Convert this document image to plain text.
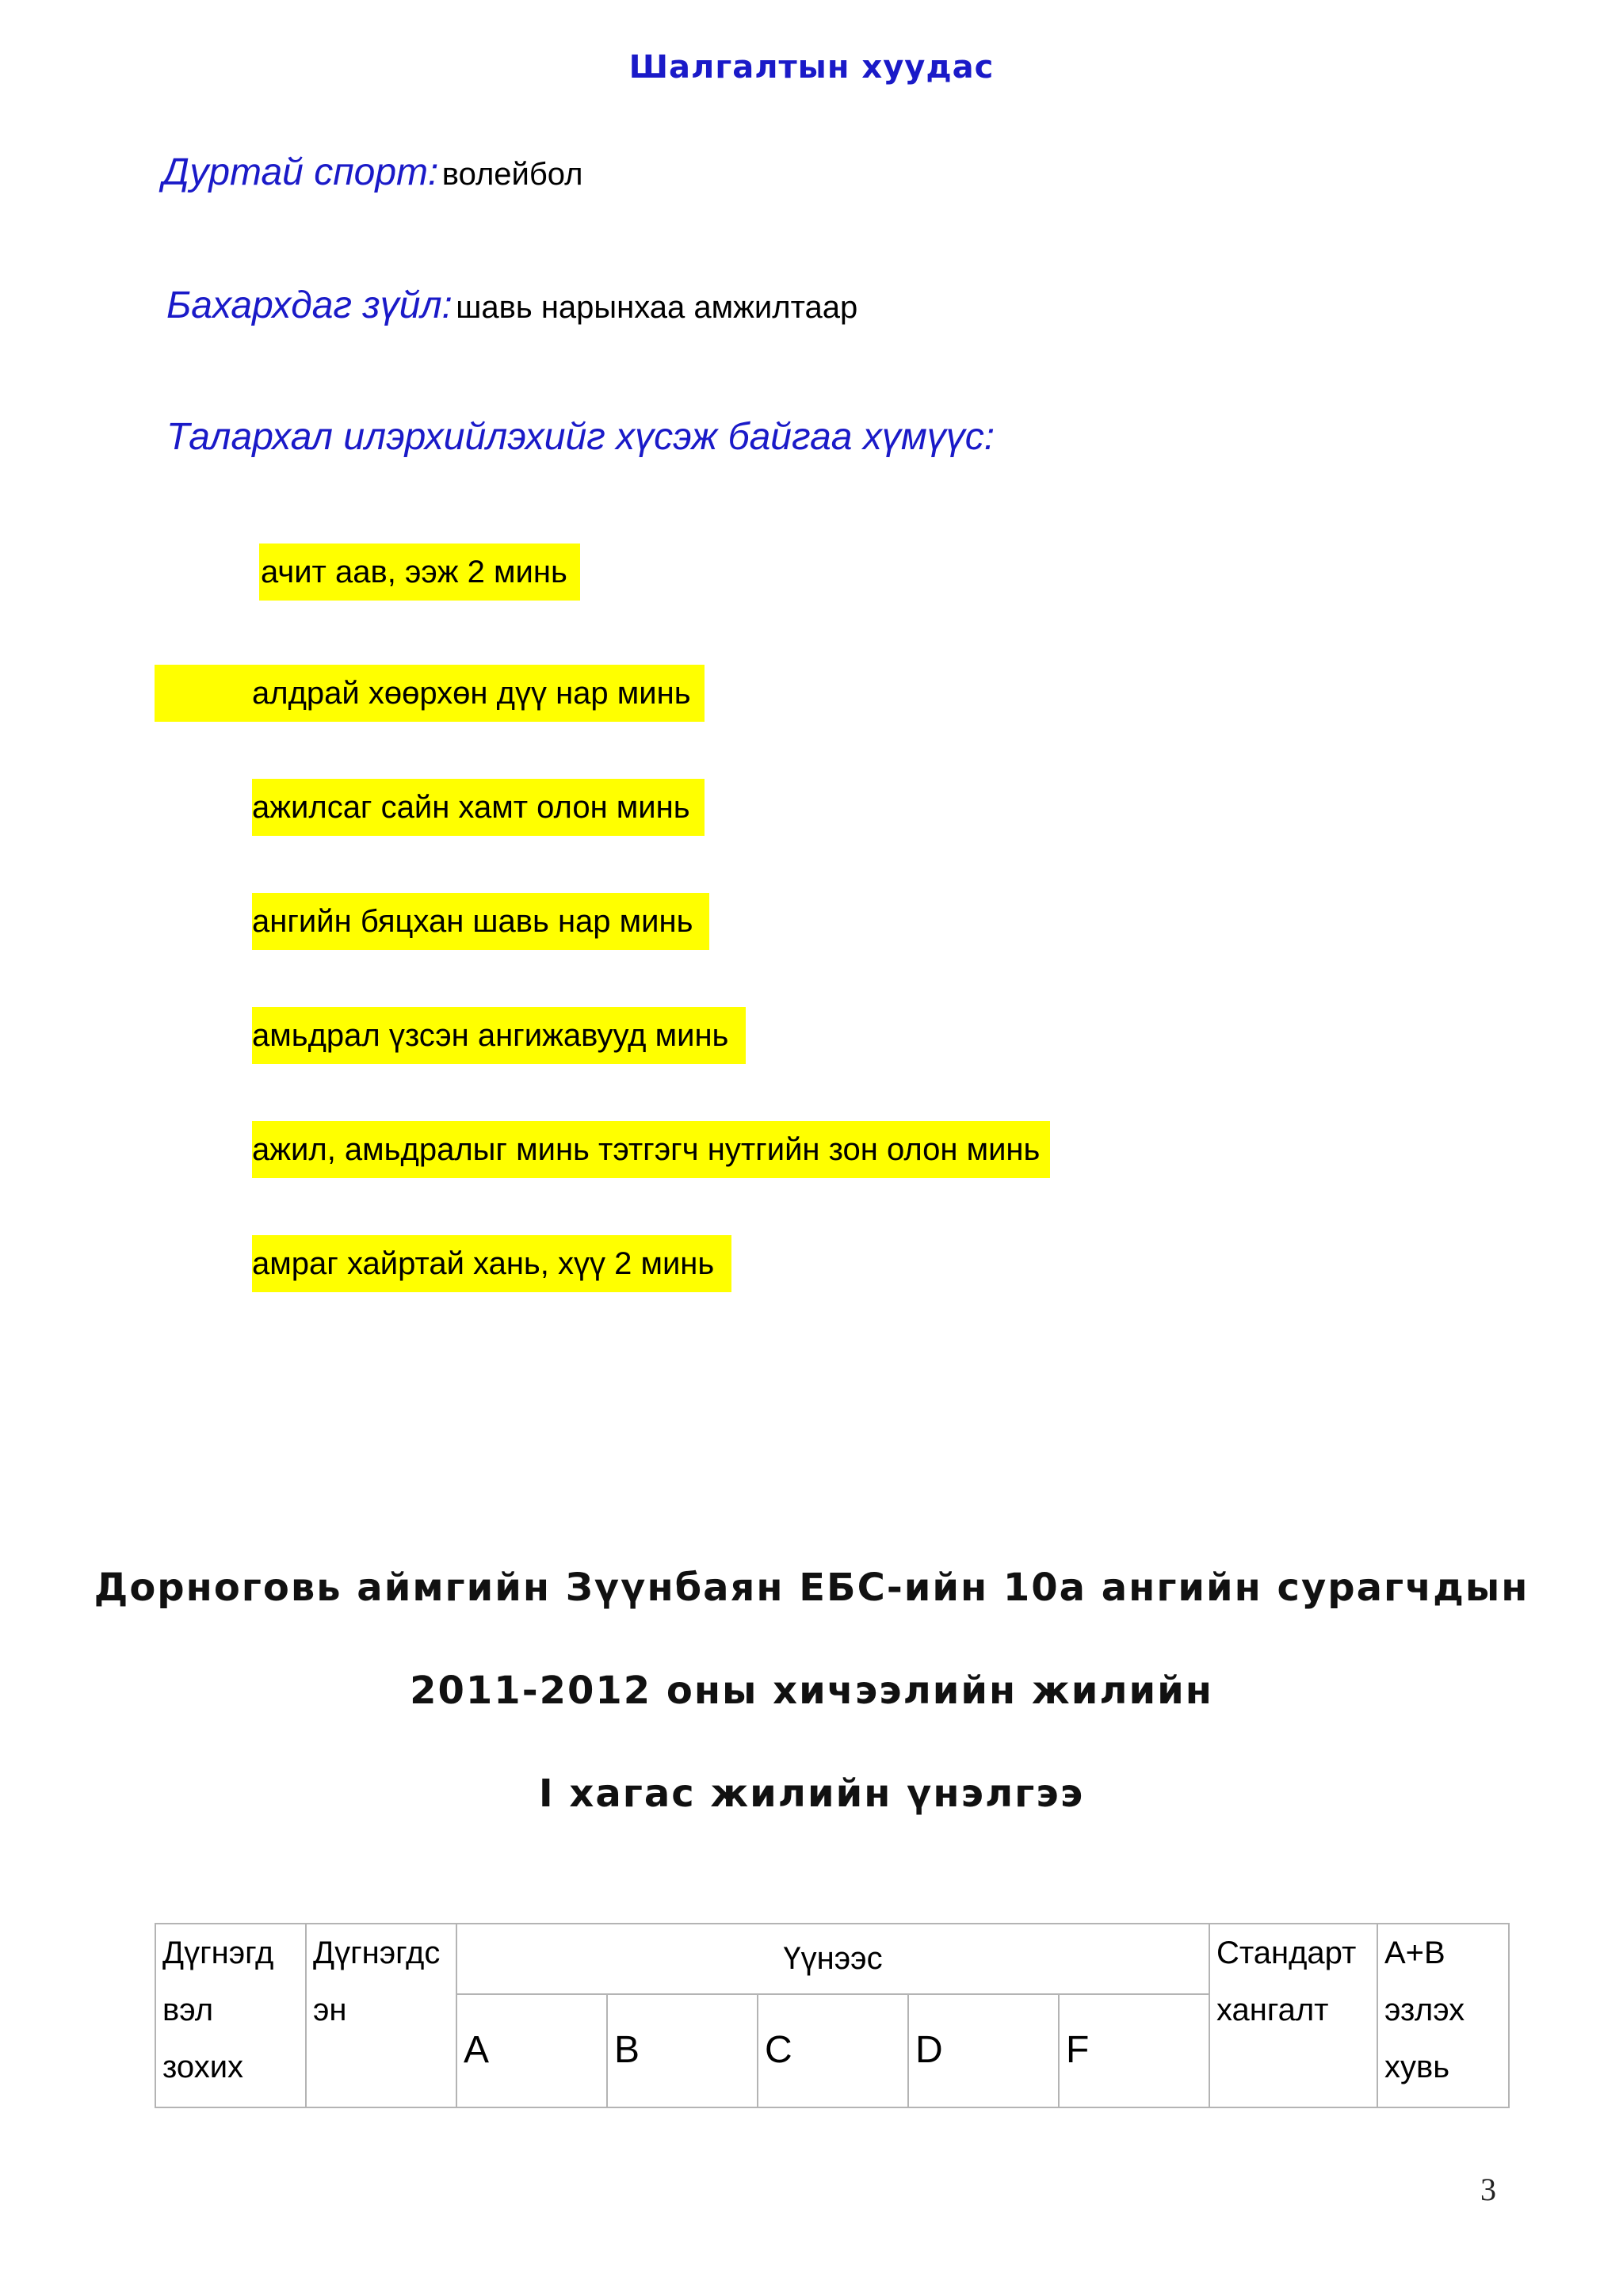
Шалгалтын хуудас
Дуртай спорт: волейбол
Бахархдаг зүйл: шавь нарынхаа амжилтаар
Талархал илэрхийлэхийг хүсэж байгаа хүмүүс:
ачит аав, ээж 2 минь
алдрай хөөрхөн дүү нар минь
ажилсаг сайн хамт олон минь
ангийн бяцхан шавь нар минь
амьдрал үзсэн ангижавууд минь
ажил, амьдралыг минь тэтгэгч нутгийн зон олон минь
амраг хайртай хань, хүү 2 минь
Дорноговь аймгийн Зүүнбаян ЕБС-ийн 10а ангийн сурагчдын
2011-2012 оны хичээлийн жилийн
I хагас жилийн үнэлгээ
Дүгнэгд вэл зохих	Дүгнэгдс эн	Үүнээс					Стандарт хангалт	A+B эзлэх хувь
		A	B	C	D	F		
3
